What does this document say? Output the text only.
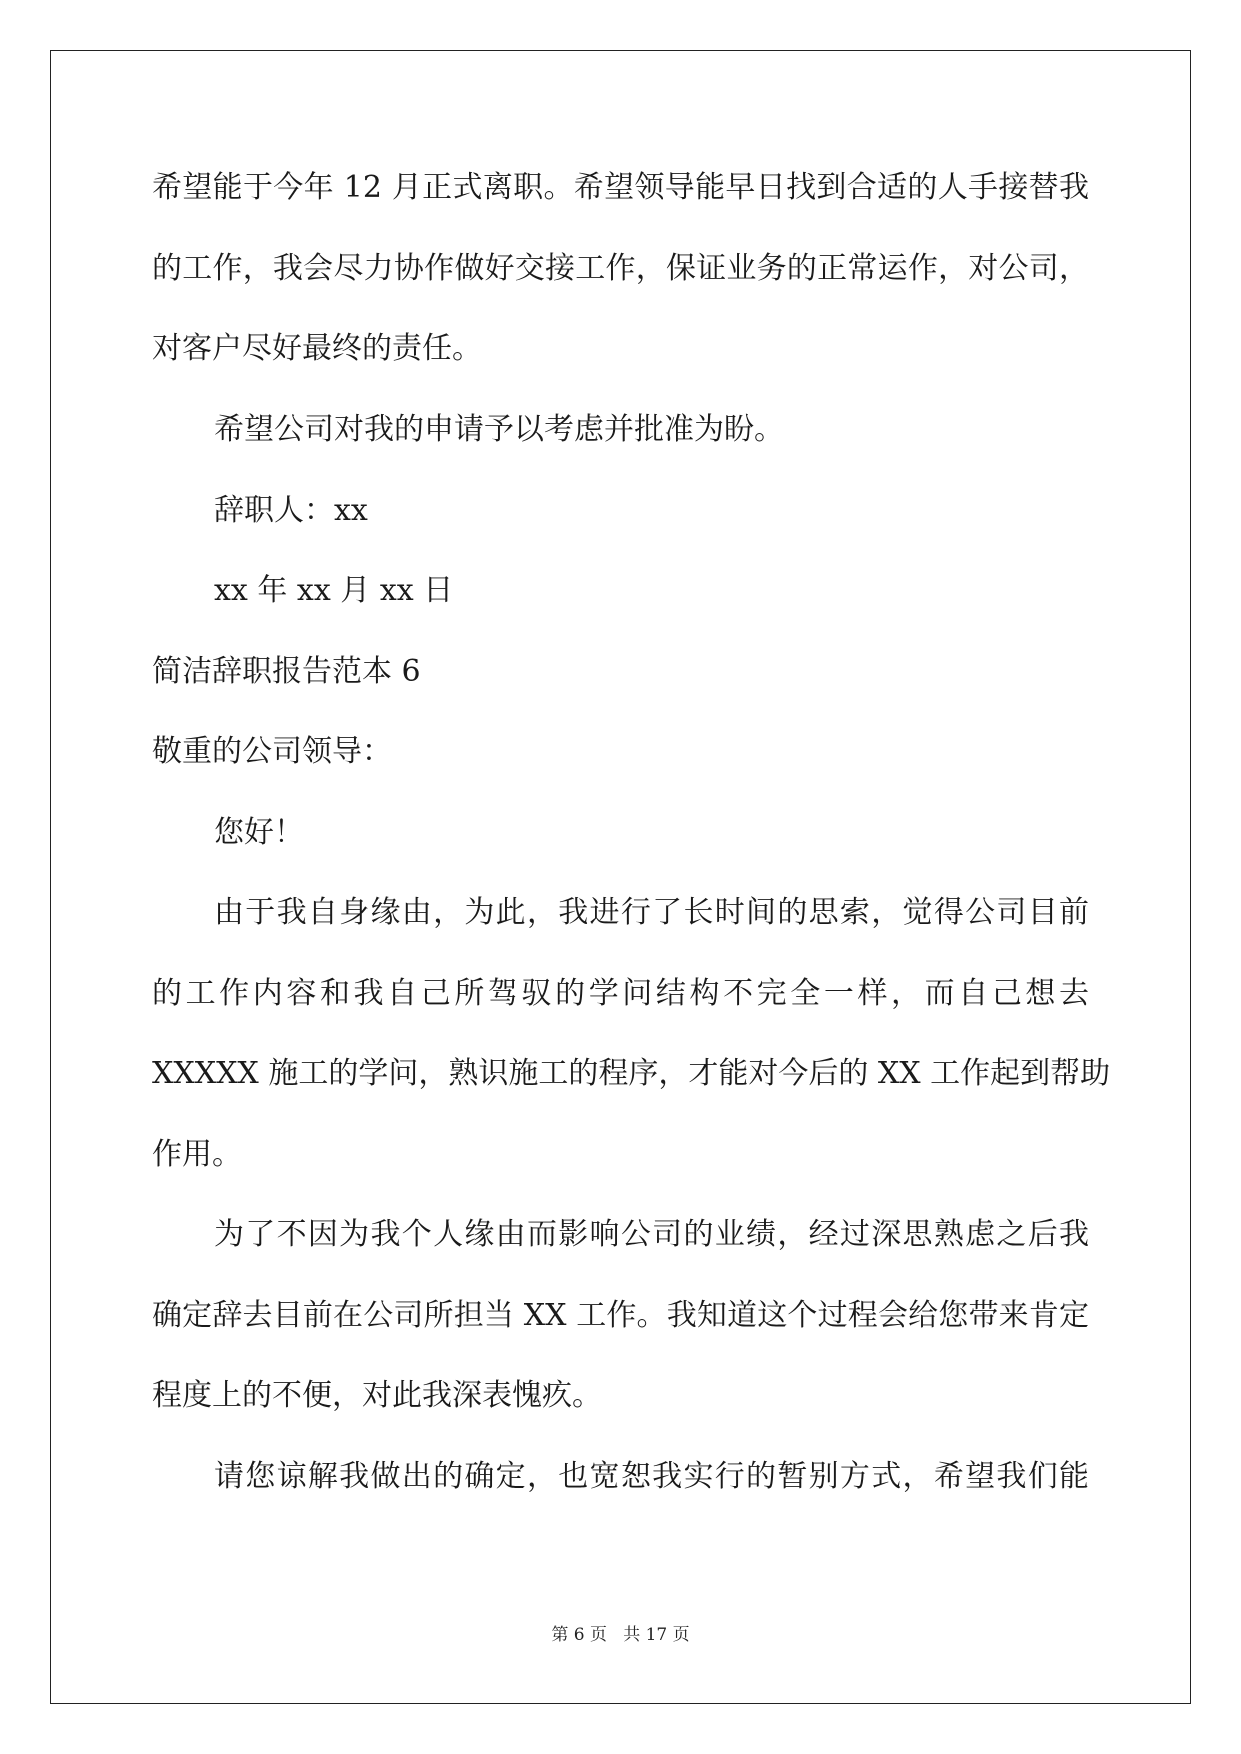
希望能于今年 12 月正式离职。希望领导能早日找到合适的人手接替我
的工作，我会尽力协作做好交接工作，保证业务的正常运作，对公司，
对客户尽好最终的责任。
希望公司对我的申请予以考虑并批准为盼。
辞职人：xx
xx 年 xx 月 xx 日
简洁辞职报告范本 6
敬重的公司领导：
您好！
由于我自身缘由，为此，我进行了长时间的思索，觉得公司目前
的工作内容和我自己所驾驭的学问结构不完全一样，而自己想去
XXXXX 施工的学问，熟识施工的程序，才能对今后的 XX 工作起到帮助
作用。
为了不因为我个人缘由而影响公司的业绩，经过深思熟虑之后我
确定辞去目前在公司所担当 XX 工作。我知道这个过程会给您带来肯定
程度上的不便，对此我深表愧疚。
请您谅解我做出的确定，也宽恕我实行的暂别方式，希望我们能
第 6 页   共 17 页
